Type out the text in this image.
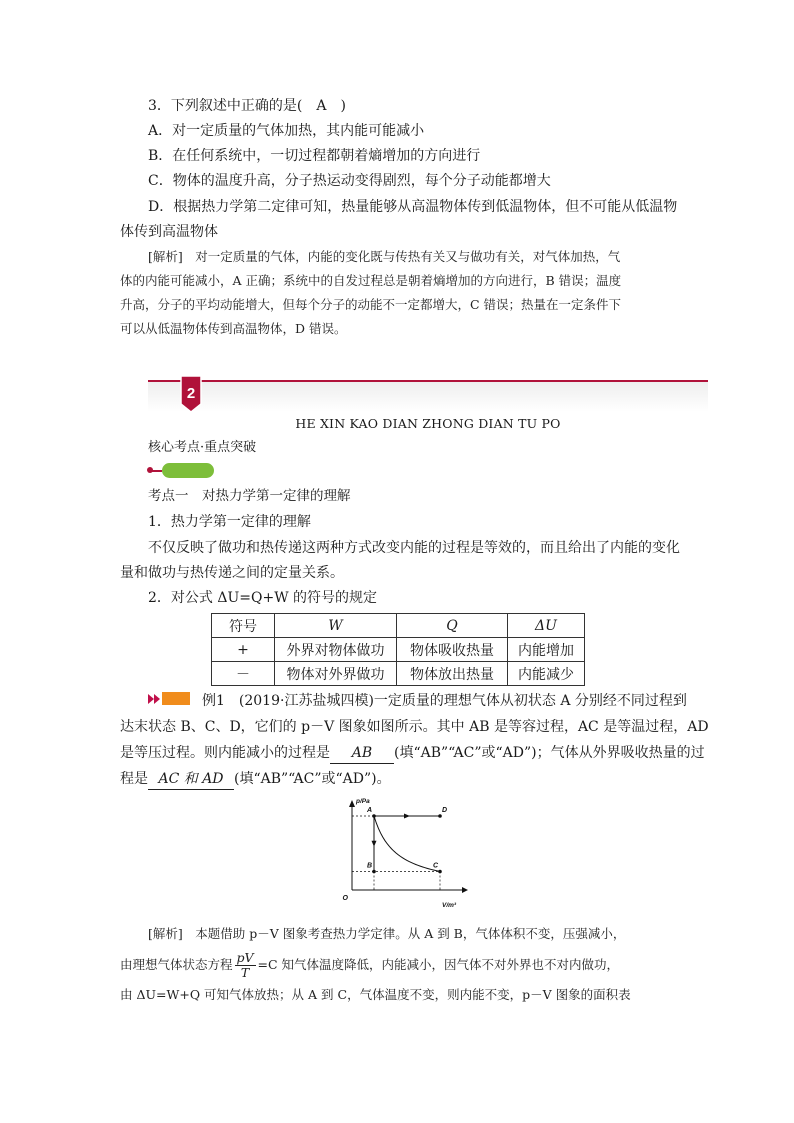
3．下列叙述中正确的是(　A　)
A．对一定质量的气体加热，其内能可能减小
B．在任何系统中，一切过程都朝着熵增加的方向进行
C．物体的温度升高，分子热运动变得剧烈，每个分子动能都增大
D．根据热力学第二定律可知，热量能够从高温物体传到低温物体，但不可能从低温物
体传到高温物体
[解析]　对一定质量的气体，内能的变化既与传热有关又与做功有关，对气体加热，气
体的内能可能减小，A 正确；系统中的自发过程总是朝着熵增加的方向进行，B 错误；温度
升高，分子的平均动能增大，但每个分子的动能不一定都增大，C 错误；热量在一定条件下
可以从低温物体传到高温物体，D 错误。
2
HE XIN KAO DIAN ZHONG DIAN TU PO
核心考点·重点突破
考点一　对热力学第一定律的理解
1．热力学第一定律的理解
不仅反映了做功和热传递这两种方式改变内能的过程是等效的，而且给出了内能的变化
量和做功与热传递之间的定量关系。
2．对公式 ΔU=Q+W 的符号的规定
符号	W	Q	ΔU
+	外界对物体做功	物体吸收热量	内能增加
－	物体对外界做功	物体放出热量	内能减少
例1　(2019·江苏盐城四模)一定质量的理想气体从初状态 A 分别经不同过程到
达末状态 B、C、D，它们的 p－V 图象如图所示。其中 AB 是等容过程，AC 是等温过程，AD
是等压过程。则内能减小的过程是 AB (填“AB”“AC”或“AD”)；气体从外界吸收热量的过
程是 AC 和 AD (填“AB”“AC”或“AD”)。
p/Pa
V/m³
O
A
B	C
D
[解析]　本题借助 p－V 图象考查热力学定律。从 A 到 B，气体体积不变，压强减小，
由理想气体状态方程 $\frac{pV}{T} =C$ 知气体温度降低，内能减小，因气体不对外界也不对内做功，
由 ΔU=W+Q 可知气体放热；从 A 到 C，气体温度不变，则内能不变，p－V 图象的面积表
